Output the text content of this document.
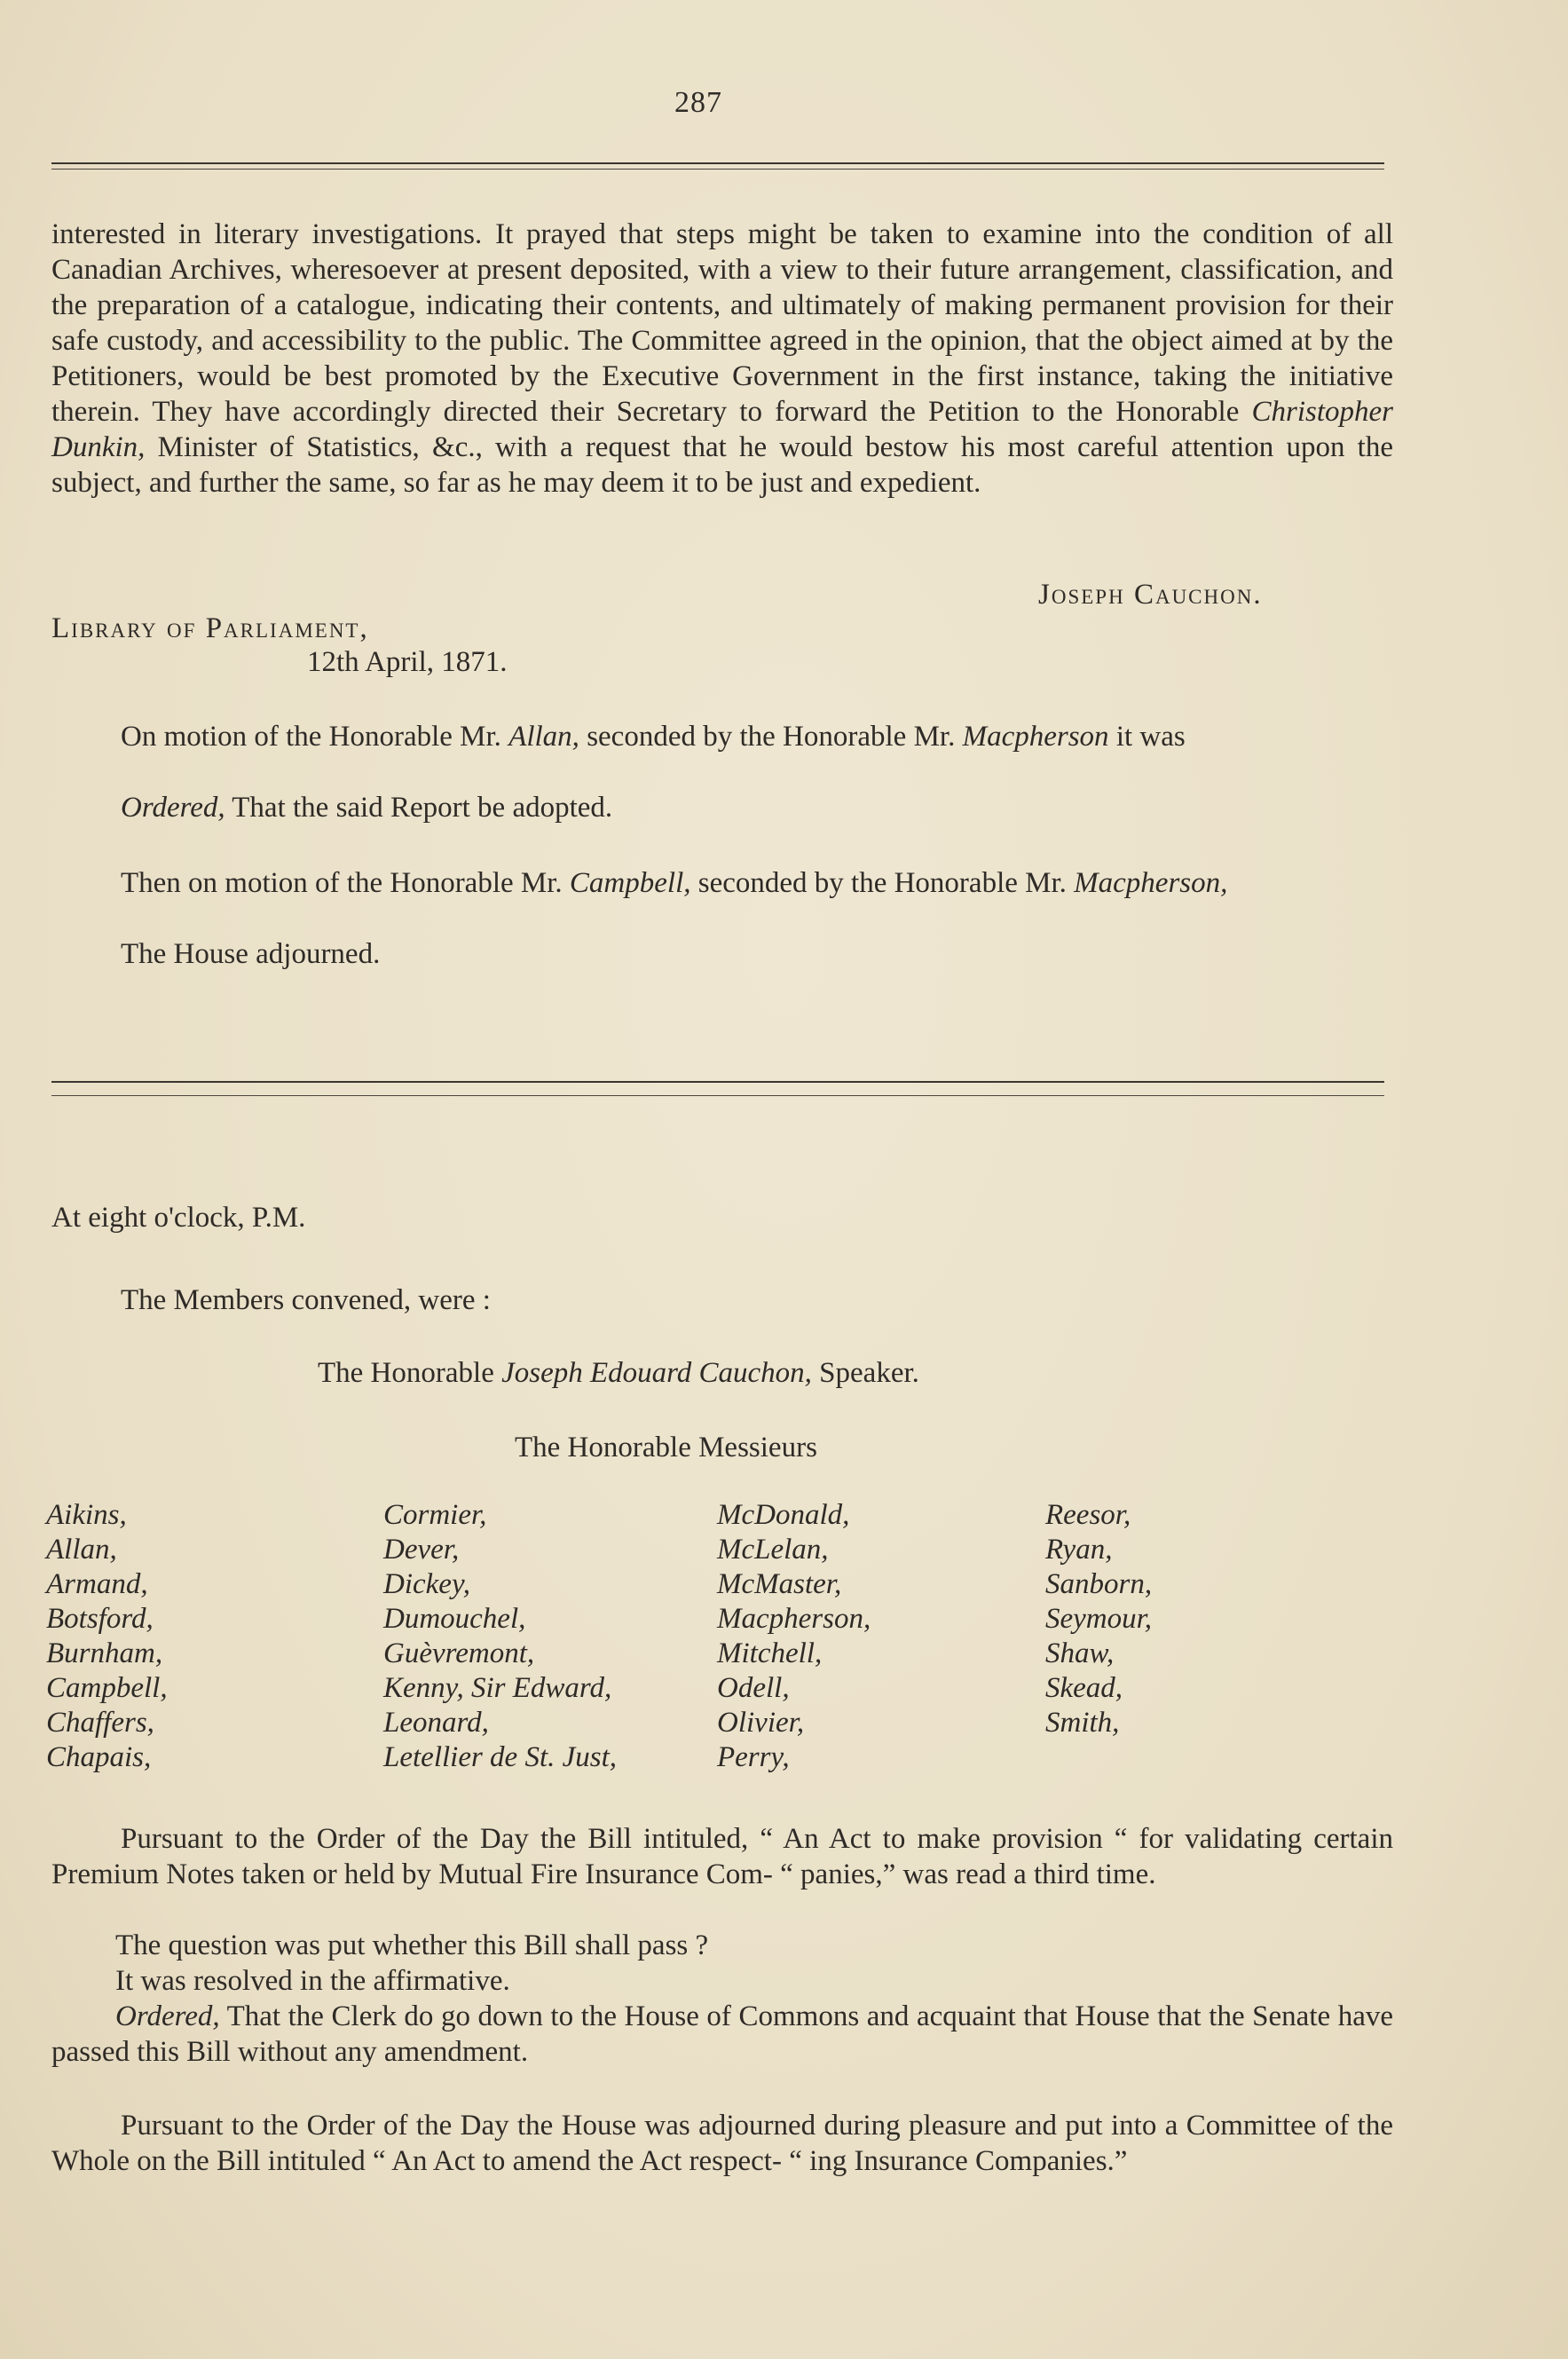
287

interested in literary investigations. It prayed that steps might be taken to examine into the condition of all Canadian Archives, wheresoever at present deposited, with a view to their future arrangement, classification, and the preparation of a catalogue, indicating their contents, and ultimately of making permanent provision for their safe custody, and accessibility to the public. The Committee agreed in the opinion, that the object aimed at by the Petitioners, would be best promoted by the Executive Government in the first instance, taking the initiative therein. They have accordingly directed their Secretary to forward the Petition to the Honorable Christopher Dunkin, Minister of Statistics, &c., with a request that he would bestow his most careful attention upon the subject, and further the same, so far as he may deem it to be just and expedient.

Joseph Cauchon.
Library of Parliament,
12th April, 1871.

On motion of the Honorable Mr. Allan, seconded by the Honorable Mr. Macpherson it was

Ordered, That the said Report be adopted.

Then on motion of the Honorable Mr. Campbell, seconded by the Honorable Mr. Macpherson,

The House adjourned.
At eight o'clock, P.M.
The Members convened, were :
The Honorable Joseph Edouard Cauchon, Speaker.
The Honorable Messieurs
Aikins,
Allan,
Armand,
Botsford,
Burnham,
Campbell,
Chaffers,
Chapais,
Cormier,
Dever,
Dickey,
Dumouchel,
Guèvremont,
Kenny, Sir Edward,
Leonard,
Letellier de St. Just,
McDonald,
McLelan,
McMaster,
Macpherson,
Mitchell,
Odell,
Olivier,
Perry,
Reesor,
Ryan,
Sanborn,
Seymour,
Shaw,
Skead,
Smith,

Pursuant to the Order of the Day the Bill intituled, “ An Act to make provision “ for validating certain Premium Notes taken or held by Mutual Fire Insurance Com- “ panies,” was read a third time.

The question was put whether this Bill shall pass ?
It was resolved in the affirmative.

Ordered, That the Clerk do go down to the House of Commons and acquaint that House that the Senate have passed this Bill without any amendment.

Pursuant to the Order of the Day the House was adjourned during pleasure and put into a Committee of the Whole on the Bill intituled “ An Act to amend the Act respect- “ ing Insurance Companies.”
